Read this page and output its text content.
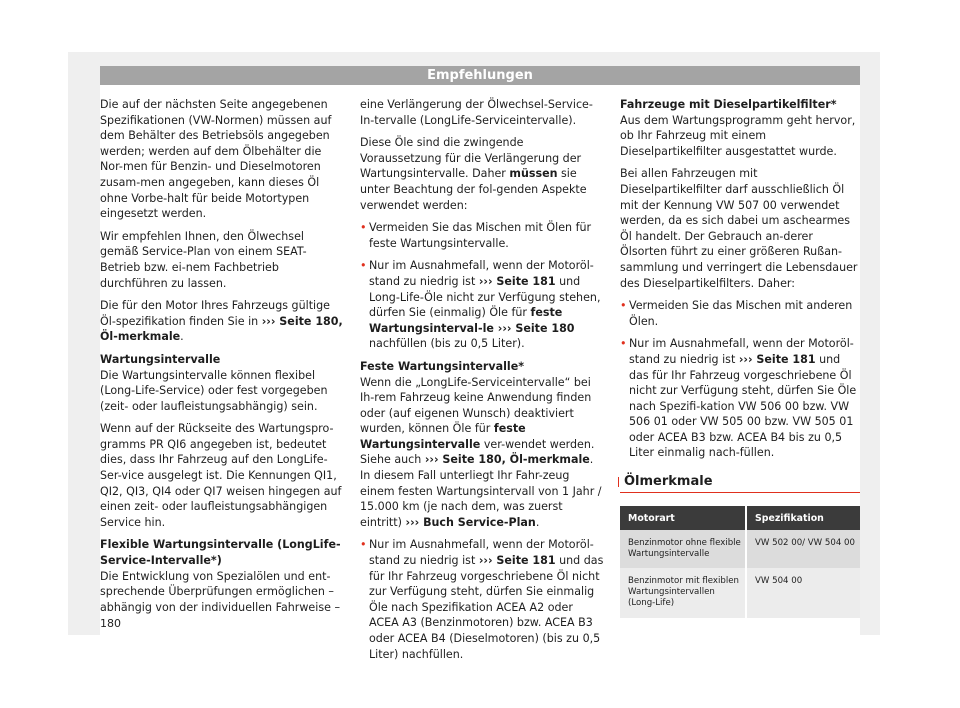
Empfehlungen

Die auf der nächsten Seite angegebenen Spezifikationen (VW-Normen) müssen auf dem Behälter des Betriebsöls angegeben werden; werden auf dem Ölbehälter die Nor-men für Benzin- und Dieselmotoren zusam-men angegeben, kann dieses Öl ohne Vorbe-halt für beide Motortypen eingesetzt werden.

Wir empfehlen Ihnen, den Ölwechsel gemäß Service-Plan von einem SEAT-Betrieb bzw. ei-nem Fachbetrieb durchführen zu lassen.

Die für den Motor Ihres Fahrzeugs gültige Öl-spezifikation finden Sie in ››› Seite 180, Öl-merkmale.

Wartungsintervalle

Die Wartungsintervalle können flexibel (Long-Life-Service) oder fest vorgegeben (zeit- oder laufleistungsabhängig) sein.

Wenn auf der Rückseite des Wartungspro-gramms PR QI6 angegeben ist, bedeutet dies, dass Ihr Fahrzeug auf den LongLife-Ser-vice ausgelegt ist. Die Kennungen QI1, QI2, QI3, QI4 oder QI7 weisen hingegen auf einen zeit- oder laufleistungsabhängigen Service hin.

Flexible Wartungsintervalle (LongLife-Service-Intervalle*)

Die Entwicklung von Spezialölen und ent-sprechende Überprüfungen ermöglichen – abhängig von der individuellen Fahrweise –

eine Verlängerung der Ölwechsel-Service-In-tervalle (LongLife-Serviceintervalle).

Diese Öle sind die zwingende Voraussetzung für die Verlängerung der Wartungsintervalle. Daher müssen sie unter Beachtung der fol-genden Aspekte verwendet werden:

• Vermeiden Sie das Mischen mit Ölen für feste Wartungsintervalle.
• Nur im Ausnahmefall, wenn der Motoröl-stand zu niedrig ist ››› Seite 181 und Long-Life-Öle nicht zur Verfügung stehen, dürfen Sie (einmalig) Öle für feste Wartungsinterval-le ››› Seite 180 nachfüllen (bis zu 0,5 Liter).

Feste Wartungsintervalle*

Wenn die „LongLife-Serviceintervalle“ bei Ih-rem Fahrzeug keine Anwendung finden oder (auf eigenen Wunsch) deaktiviert wurden, können Öle für feste Wartungsintervalle ver-wendet werden. Siehe auch ››› Seite 180, Öl-merkmale. In diesem Fall unterliegt Ihr Fahr-zeug einem festen Wartungsintervall von 1 Jahr / 15.000 km (je nach dem, was zuerst eintritt) ››› Buch Service-Plan.

• Nur im Ausnahmefall, wenn der Motoröl-stand zu niedrig ist ››› Seite 181 und das für Ihr Fahrzeug vorgeschriebene Öl nicht zur Verfügung steht, dürfen Sie einmalig Öle nach Spezifikation ACEA A2 oder ACEA A3 (Benzinmotoren) bzw. ACEA B3 oder ACEA B4 (Dieselmotoren) (bis zu 0,5 Liter) nachfüllen.

Fahrzeuge mit Dieselpartikelfilter*

Aus dem Wartungsprogramm geht hervor, ob Ihr Fahrzeug mit einem Dieselpartikelfilter ausgestattet wurde.

Bei allen Fahrzeugen mit Dieselpartikelfilter darf ausschließlich Öl mit der Kennung VW 507 00 verwendet werden, da es sich dabei um aschearmes Öl handelt. Der Gebrauch an-derer Ölsorten führt zu einer größeren Rußan-sammlung und verringert die Lebensdauer des Dieselpartikelfilters. Daher:

• Vermeiden Sie das Mischen mit anderen Ölen.
• Nur im Ausnahmefall, wenn der Motoröl-stand zu niedrig ist ››› Seite 181 und das für Ihr Fahrzeug vorgeschriebene Öl nicht zur Verfügung steht, dürfen Sie Öle nach Spezifi-kation VW 506 00 bzw. VW 506 01 oder VW 505 00 bzw. VW 505 01 oder ACEA B3 bzw. ACEA B4 bis zu 0,5 Liter einmalig nach-füllen.
Ölmerkmale
Motorart	Spezifikation
Benzinmotor ohne flexible Wartungsintervalle	VW 502 00/ VW 504 00
Benzinmotor mit flexiblen Wartungsintervallen (Long-Life)	VW 504 00
180
